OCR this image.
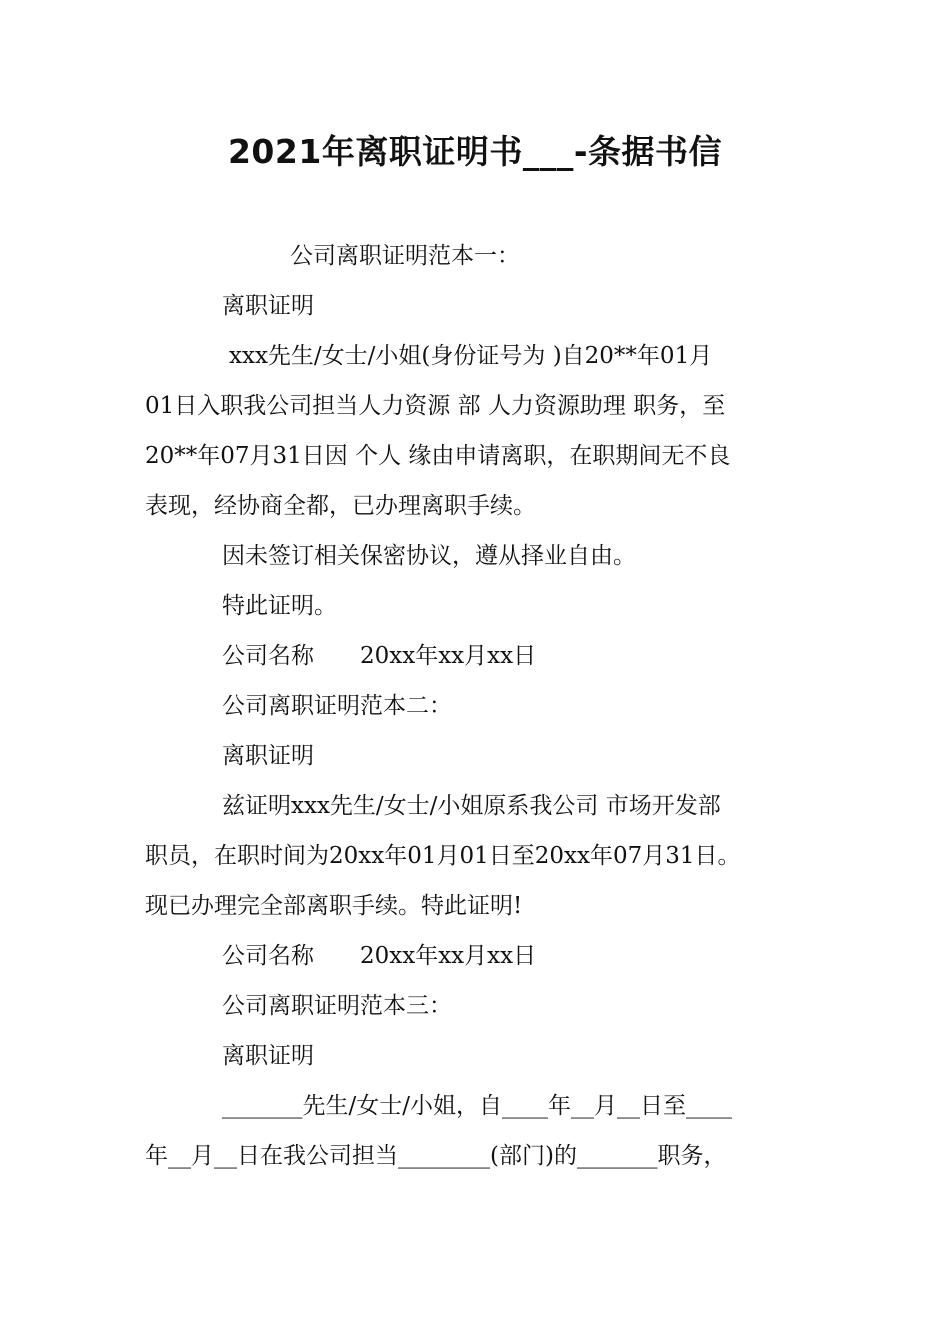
2021年离职证明书___-条据书信
公司离职证明范本一：
离职证明
xxx先生/女士/小姐(身份证号为 )自20**年01月
01日入职我公司担当人力资源 部 人力资源助理 职务，至
20**年07月31日因 个人 缘由申请离职，在职期间无不良
表现，经协商全都，已办理离职手续。
因未签订相关保密协议，遵从择业自由。
特此证明。
公司名称　　20xx年xx月xx日
公司离职证明范本二：
离职证明
兹证明xxx先生/女士/小姐原系我公司 市场开发部
职员，在职时间为20xx年01月01日至20xx年07月31日。
现已办理完全部离职手续。特此证明!
公司名称　　20xx年xx月xx日
公司离职证明范本三：
离职证明
_______先生/女士/小姐，自____年__月__日至____
年__月__日在我公司担当________(部门)的_______职务，
